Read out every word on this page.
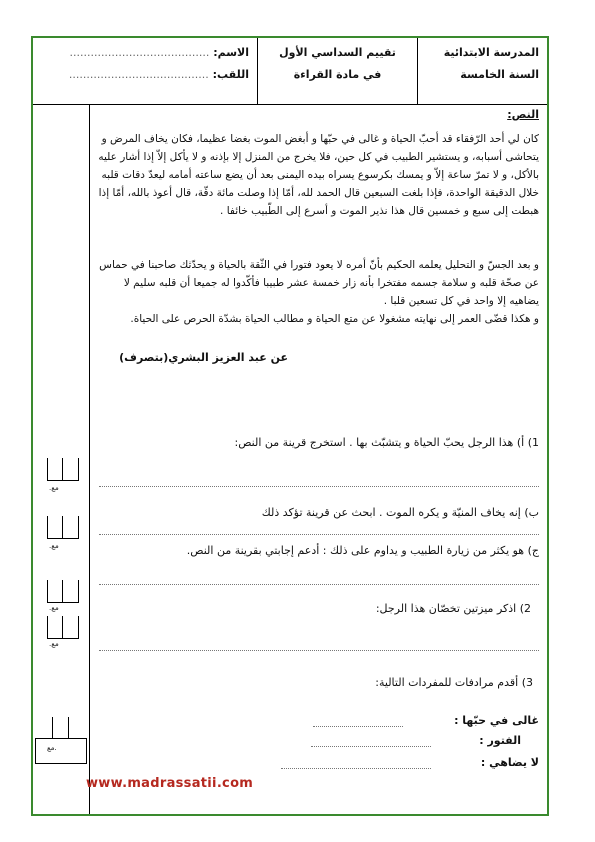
المدرسة الابتدائية
السنة الخامسة
تقييم السداسي الأول
في مادة القراءة
الاسم: ........................................
اللقب: ........................................
مع.
مع.
مع.
مع.
مع.
النص:
كان لي أحد الرّفقاء قد أحبّ الحياة و غالى في حبّها و أبغض الموت بغضا عظيما، فكان يخاف المرض و يتحاشى أسبابه، و يستشير الطبيب في كل حين، فلا يخرج من المنزل إلا بإذنه و لا يأكل إلاّ إذا أشار عليه بالأكل، و لا تمرّ ساعة إلاّ و يمسك بكرسوع يسراه بيده اليمنى بعد أن يضع ساعته أمامه ليعدّ دقات قلبه خلال الدقيقة الواحدة، فإذا بلغت السبعين قال الحمد لله، أمّا إذا وصلت مائة دقّة، قال أعوذ بالله، أمّا إذا هبطت إلى سبع و خمسين قال هذا نذير الموت و أسرع إلى الطّبيب خائفا .
و بعد الجسّ و التحليل يعلمه الحكيم بأنّ أمره لا يعود فتورا في الثّقة بالحياة و يحدّثك صاحبنا في حماس عن صحّة قلبه و سلامة جسمه مفتخرا بأنه زار خمسة عشر طبيبا فأكّدوا له جميعا أن قلبه سليم لا يضاهيه إلا واحد في كل تسعين قلبا .
و هكذا قضّى العمر إلى نهايته مشغولا عن متع الحياة و مطالب الحياة بشدّة الحرص على الحياة.
عن عبد العزيز البشري(بتصرف)
1) أ) هذا الرجل يحبّ الحياة و يتشبّث بها . استخرج قرينة من النص:
ب) إنه يخاف المنيّة و يكره الموت . ابحث عن قرينة تؤكد ذلك
ج) هو يكثر من زيارة الطبيب و يداوم على ذلك : أدعم إجابتي بقرينة من النص.
2) اذكر ميزتين تخصّان هذا الرجل:
3) أقدم مرادفات للمفردات التالية:
غالى في حبّها :
الفتور :
لا يضاهي :
www.madrassatii.com
